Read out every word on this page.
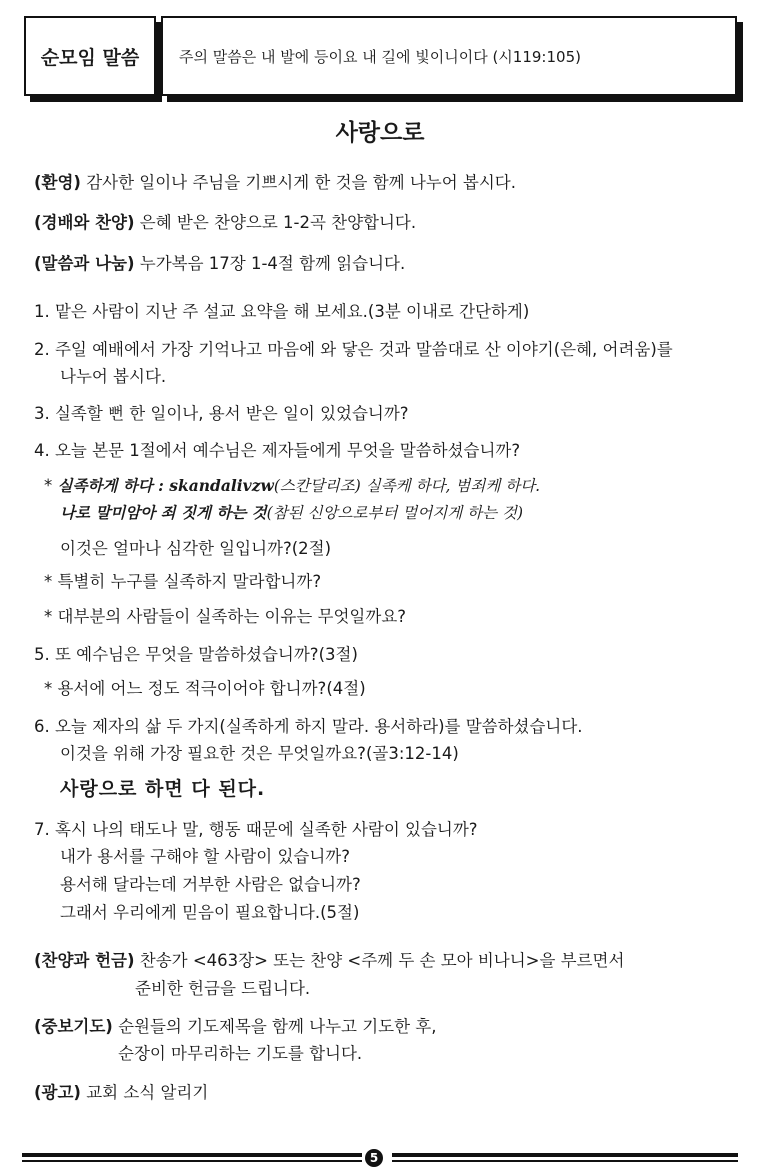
순모임 말씀	주의 말씀은 내 발에 등이요 내 길에 빛이니이다 (시119:105)
사랑으로
(환영) 감사한 일이나 주님을 기쁘시게 한 것을 함께 나누어 봅시다.
(경배와 찬양) 은혜 받은 찬양으로 1-2곡 찬양합니다.
(말씀과 나눔) 누가복음 17장 1-4절 함께 읽습니다.
1. 맡은 사람이 지난 주 설교 요약을 해 보세요.(3분 이내로 간단하게)
2. 주일 예배에서 가장 기억나고 마음에 와 닿은 것과 말씀대로 산 이야기(은혜, 어려움)를
나누어 봅시다.
3. 실족할 뻔 한 일이나, 용서 받은 일이 있었습니까?
4. 오늘 본문 1절에서 예수님은 제자들에게 무엇을 말씀하셨습니까?
* 실족하게 하다 : skandalivzw(스칸달리조) 실족케 하다, 범죄케 하다.
나로 말미암아 죄 짓게 하는 것(참된 신앙으로부터 멀어지게 하는 것)
이것은 얼마나 심각한 일입니까?(2절)
* 특별히 누구를 실족하지 말라합니까?
* 대부분의 사람들이 실족하는 이유는 무엇일까요?
5. 또 예수님은 무엇을 말씀하셨습니까?(3절)
* 용서에 어느 정도 적극이어야 합니까?(4절)
6. 오늘 제자의 삶 두 가지(실족하게 하지 말라. 용서하라)를 말씀하셨습니다.
이것을 위해 가장 필요한 것은 무엇일까요?(골3:12-14)
사랑으로 하면 다 된다.
7. 혹시 나의 태도나 말, 행동 때문에 실족한 사람이 있습니까?
내가 용서를 구해야 할 사람이 있습니까?
용서해 달라는데 거부한 사람은 없습니까?
그래서 우리에게 믿음이 필요합니다.(5절)
(찬양과 헌금) 찬송가 <463장> 또는 찬양 <주께 두 손 모아 비나니>을 부르면서
준비한 헌금을 드립니다.
(중보기도) 순원들의 기도제목을 함께 나누고 기도한 후,
순장이 마무리하는 기도를 합니다.
(광고) 교회 소식 알리기
5
